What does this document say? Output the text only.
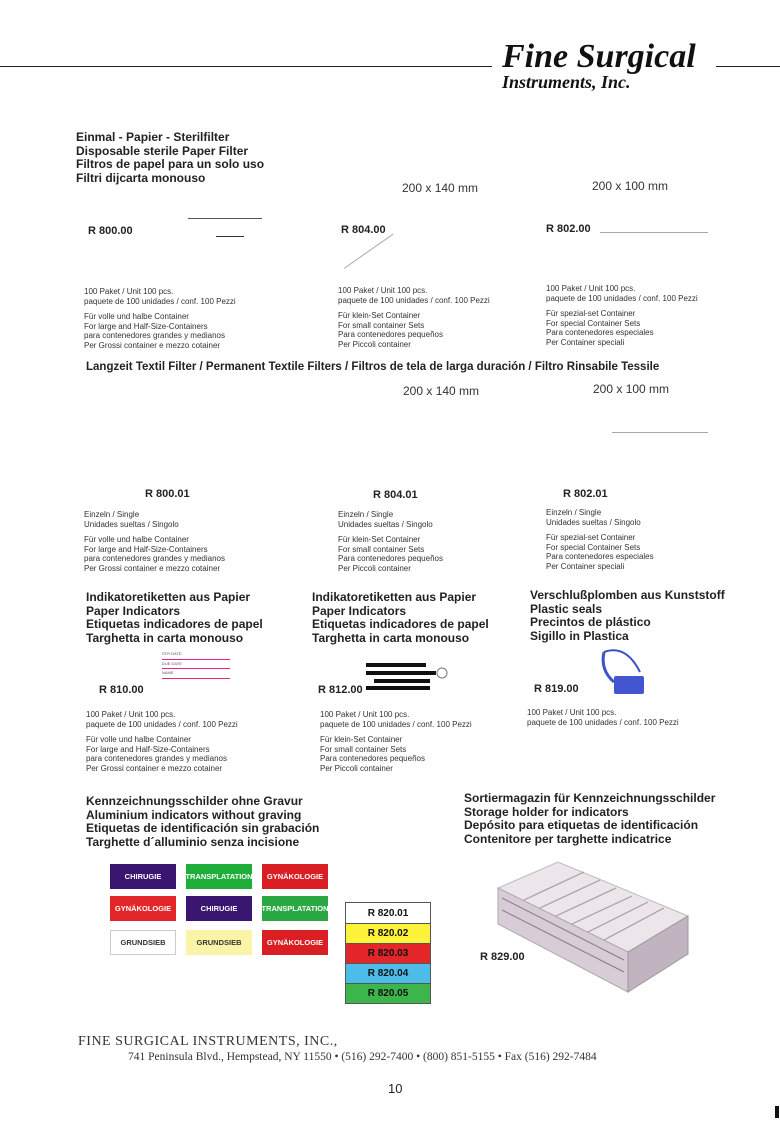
Fine Surgical
Instruments, Inc.
Einmal - Papier - Sterilfilter
Disposable sterile Paper Filter
Filtros de papel para un solo uso
Filtri dijcarta monouso
200 x 140 mm	200 x 100 mm
R 800.00	R 804.00	R 802.00
100 Paket / Unit 100 pcs.
paquete de 100 unidades / conf. 100 Pezzi
Für volle und halbe Container
For large and Half-Size-Containers
para contenedores grandes y medianos
Per Grossi container e mezzo cotainer
100 Paket / Unit 100 pcs.
paquete de 100 unidades / conf. 100 Pezzi
Für klein-Set Container
For small container Sets
Para contenedores pequeños
Per Piccoli container
100 Paket / Unit 100 pcs.
paquete de 100 unidades / conf. 100 Pezzi
Für spezial-set Container
For special Container Sets
Para contenedores especiales
Per Container speciali
Langzeit Textil Filter / Permanent Textile Filters / Filtros de tela de larga duración / Filtro Rinsabile Tessile
200 x 140 mm	200 x 100 mm
R 800.01	R 804.01	R 802.01
Einzeln / Single
Unidades sueltas / Singolo
Für volle und halbe Container
For large and Half-Size-Containers
para contenedores grandes y medianos
Per Grossi container e mezzo cotainer
Einzeln / Single
Unidades sueltas / Singolo
Für klein-Set Container
For small container Sets
Para contenedores pequeños
Per Piccoli container
Einzeln / Single
Unidades sueltas / Singolo
Für spezial-set Container
For special Container Sets
Para contenedores especiales
Per Container speciali
Indikatoretiketten aus Papier
Paper Indicators
Etiquetas indicadores de papel
Targhetta in carta monouso
Indikatoretiketten aus Papier
Paper Indicators
Etiquetas indicadores de papel
Targhetta in carta monouso
Verschlußplomben aus Kunststoff
Plastic seals
Precintos de plástico
Sigillo in Plastica
STR.DATE
DUE DATE
NAME
R 810.00	R 812.00	R 819.00
100 Paket / Unit 100 pcs.
paquete de 100 unidades / conf. 100 Pezzi
Für volle und halbe Container
For large and Half-Size-Containers
para contenedores grandes y medianos
Per Grossi container e mezzo cotainer
100 Paket / Unit 100 pcs.
paquete de 100 unidades / conf. 100 Pezzi
Für klein-Set Container
For small container Sets
Para contenedores pequeños
Per Piccoli container
100 Paket / Unit 100 pcs.
paquete de 100 unidades / conf. 100 Pezzi
Kennzeichnungsschilder ohne Gravur
Aluminium indicators without graving
Etiquetas de identificación sin grabación
Targhette d´alluminio senza incisione
CHIRUGIE	TRANSPLATATION	GYNÄKOLOGIE
GYNÄKOLOGIE	CHIRUGIE	TRANSPLATATION
GRUNDSIEB	GRUNDSIEB	GYNÄKOLOGIE
R 820.01
R 820.02
R 820.03
R 820.04
R 820.05
Sortiermagazin für Kennzeichnungsschilder
Storage holder for indicators
Depósito para etiquetas de identificación
Contenitore per targhette indicatrice
R 829.00
FINE SURGICAL INSTRUMENTS, INC.,
741 Peninsula Blvd., Hempstead, NY 11550 • (516) 292-7400 • (800) 851-5155 • Fax (516) 292-7484
10
